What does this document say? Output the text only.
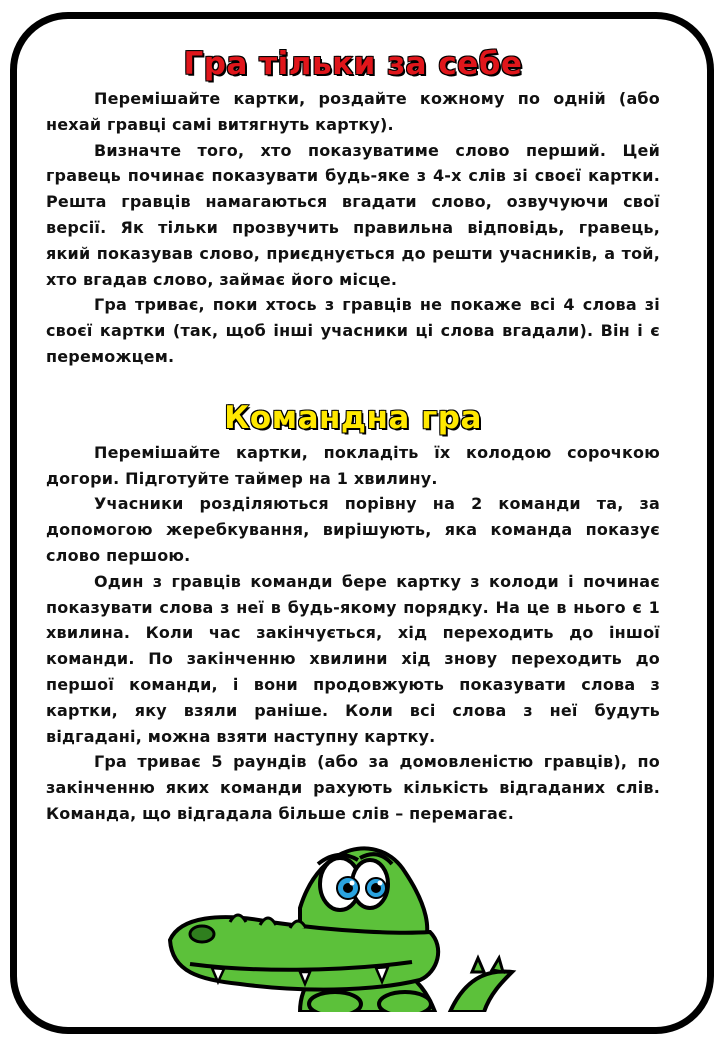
Гра тільки за себе

Перемішайте картки, роздайте кожному по одній (або нехай гравці самі витягнуть картку).

Визначте того, хто показуватиме слово перший. Цей гравець починає показувати будь-яке з 4-х слів зі своєї картки. Решта гравців намагаються вгадати слово, озвучуючи свої версії. Як тільки прозвучить правильна відповідь, гравець, який показував слово, приєднується до решти учасників, а той, хто вгадав слово, займає його місце.

Гра триває, поки хтось з гравців не покаже всі 4 слова зі своєї картки (так, щоб інші учасники ці слова вгадали). Він і є переможцем.

Командна гра

Перемішайте картки, покладіть їх колодою сорочкою догори. Підготуйте таймер на 1 хвилину.

Учасники розділяються порівну на 2 команди та, за допомогою жеребкування, вирішують, яка команда показує слово першою.

Один з гравців команди бере картку з колоди і починає показувати слова з неї в будь-якому порядку. На це в нього є 1 хвилина. Коли час закінчується, хід переходить до іншої команди. По закінченню хвилини хід знову переходить до першої команди, і вони продовжують показувати слова з картки, яку взяли раніше. Коли всі слова з неї будуть відгадані, можна взяти наступну картку.

Гра триває 5 раундів (або за домовленістю гравців), по закінченню яких команди рахують кількість відгаданих слів. Команда, що відгадала більше слів – перемагає.
